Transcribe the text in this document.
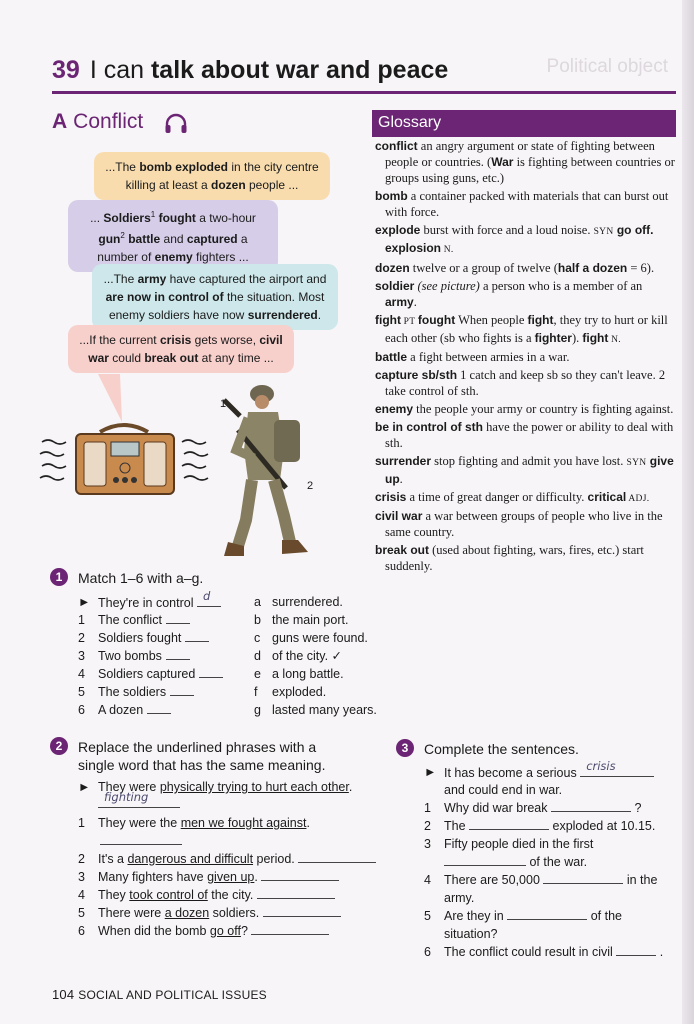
Political object
39 I can talk about war and peace
A Conflict
...The bomb exploded in the city centre killing at least a dozen people ...
... Soldiers$^1$ fought a two-hour gun$^2$ battle and captured a number of enemy fighters ...
...The army have captured the airport and are now in control of the situation. Most enemy soldiers have now surrendered.
...If the current crisis gets worse, civil war could break out at any time ...
1
2
Glossary
conflict an angry argument or state of fighting between people or countries. (War is fighting between countries or groups using guns, etc.)
bomb a container packed with materials that can burst out with force.
explode burst with force and a loud noise. SYN go off. explosion N.
dozen twelve or a group of twelve (half a dozen = 6).
soldier (see picture) a person who is a member of an army.
fight PT fought When people fight, they try to hurt or kill each other (sb who fights is a fighter). fight N.
battle a fight between armies in a war.
capture sb/sth 1 catch and keep sb so they can't leave. 2 take control of sth.
enemy the people your army or country is fighting against.
be in control of sth have the power or ability to deal with sth.
surrender stop fighting and admit you have lost. SYN give up.
crisis a time of great danger or difficulty. critical ADJ.
civil war a war between groups of people who live in the same country.
break out (used about fighting, wars, fires, etc.) start suddenly.
1	Match 1–6 with a–g.
► They're in control d	a surrendered.
1	The conflict	b the main port.
2	Soldiers fought	c guns were found.
3	Two bombs	d of the city. ✓
4	Soldiers captured	e a long battle.
5	The soldiers	f exploded.
6	A dozen	g lasted many years.
2	Replace the underlined phrases with a
single word that has the same meaning.
► They were physically trying to hurt each other.
fighting
1	They were the men we fought against.
2	It's a dangerous and difficult period.
3	Many fighters have given up.
4	They took control of the city.
5	There were a dozen soldiers.
6	When did the bomb go off?
3	Complete the sentences.
► It has become a serious crisis
and could end in war.
1	Why did war break	?
2	The	exploded at 10.15.
3	Fifty people died in the first
of the war.
4	There are 50,000	in the
army.
5	Are they in	of the
situation?
6	The conflict could result in civil	.
104 SOCIAL AND POLITICAL ISSUES
